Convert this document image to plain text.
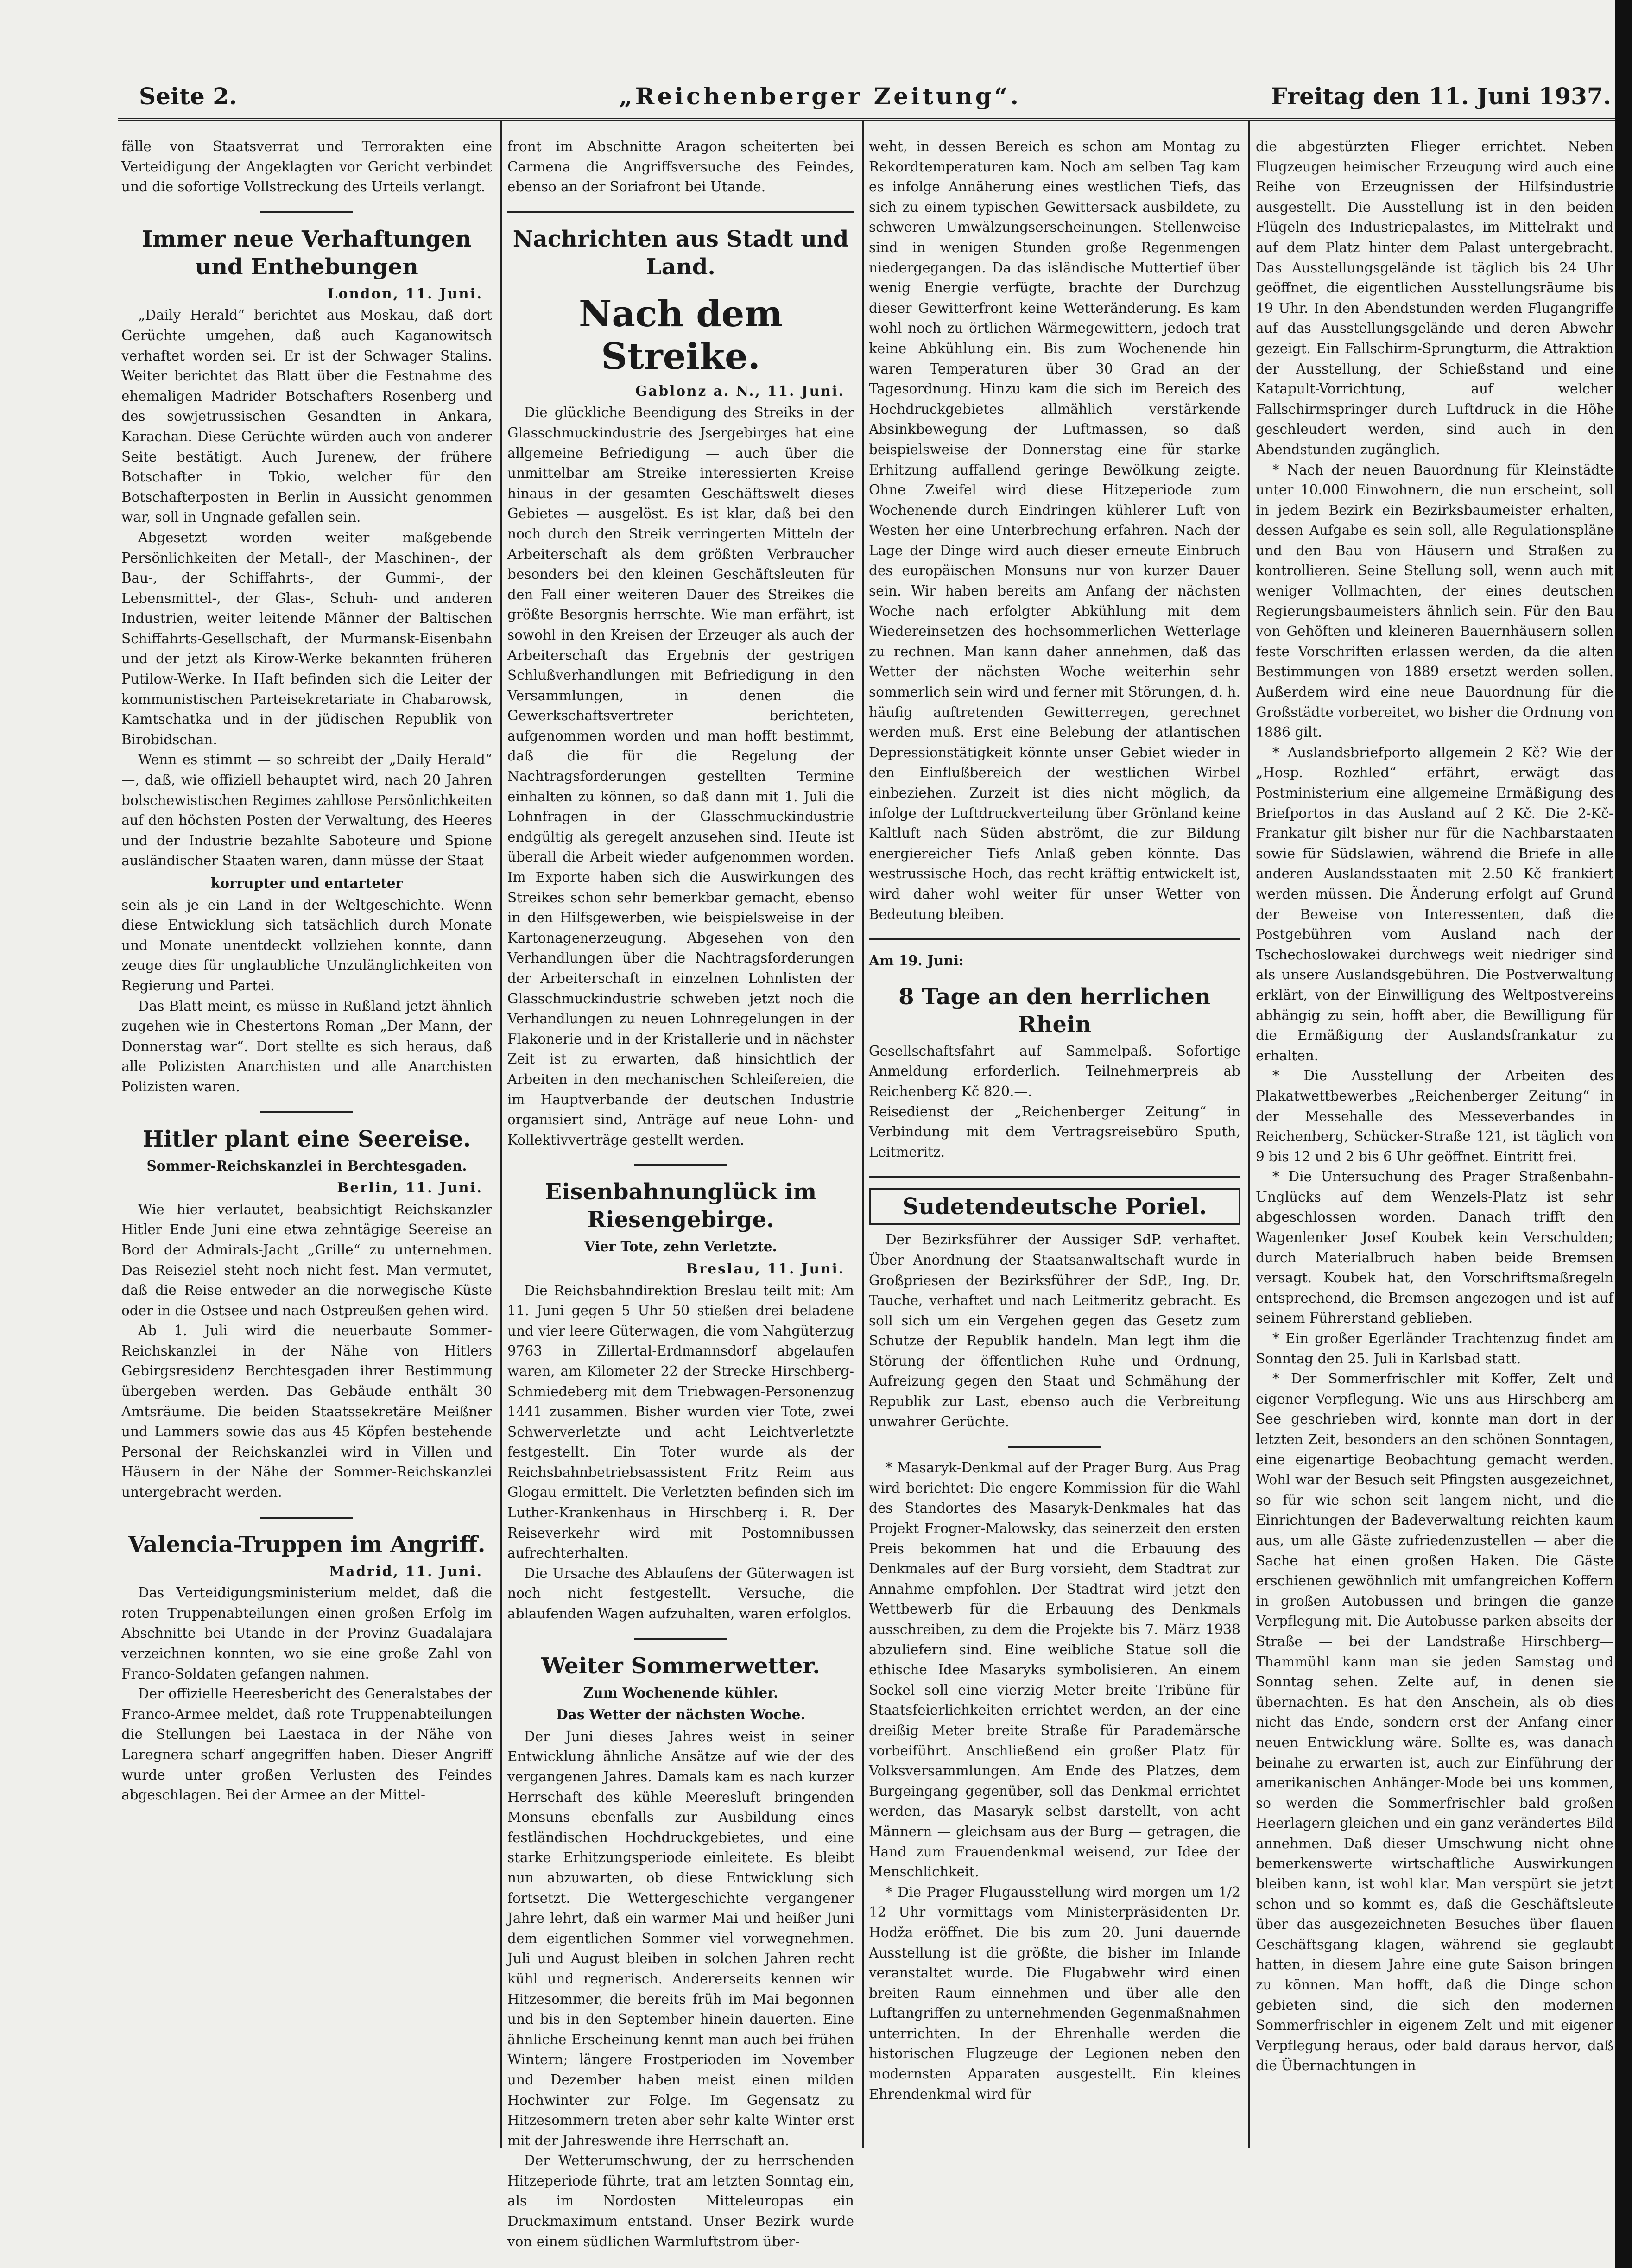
Seite 2.	„Reichenberger Zeitung“.	Freitag den 11. Juni 1937.

fälle von Staatsverrat und Terrorakten eine Verteidigung der Angeklagten vor Gericht verbindet und die sofortige Vollstreckung des Urteils verlangt.

Immer neue Verhaftungen und Enthebungen
London, 11. Juni.

„Daily Herald“ berichtet aus Moskau, daß dort Gerüchte umgehen, daß auch Kaganowitsch verhaftet worden sei. Er ist der Schwager Stalins. Weiter berichtet das Blatt über die Festnahme des ehemaligen Madrider Botschafters Rosenberg und des sowjetrussischen Gesandten in Ankara, Karachan. Diese Gerüchte würden auch von anderer Seite bestätigt. Auch Jurenew, der frühere Botschafter in Tokio, welcher für den Botschafterposten in Berlin in Aussicht genommen war, soll in Ungnade gefallen sein.

Abgesetzt worden weiter maßgebende Persönlichkeiten der Metall-, der Maschinen-, der Bau-, der Schiffahrts-, der Gummi-, der Lebensmittel-, der Glas-, Schuh- und anderen Industrien, weiter leitende Männer der Baltischen Schiffahrts-Gesellschaft, der Murmansk-Eisenbahn und der jetzt als Kirow-Werke bekannten früheren Putilow-Werke. In Haft befinden sich die Leiter der kommunistischen Parteisekretariate in Chabarowsk, Kamtschatka und in der jüdischen Republik von Birobidschan.

Wenn es stimmt — so schreibt der „Daily Herald“ —, daß, wie offiziell behauptet wird, nach 20 Jahren bolschewistischen Regimes zahllose Persönlichkeiten auf den höchsten Posten der Verwaltung, des Heeres und der Industrie bezahlte Saboteure und Spione ausländischer Staaten waren, dann müsse der Staat

korrupter und entarteter

sein als je ein Land in der Weltgeschichte. Wenn diese Entwicklung sich tatsächlich durch Monate und Monate unentdeckt vollziehen konnte, dann zeuge dies für unglaubliche Unzulänglichkeiten von Regierung und Partei.

Das Blatt meint, es müsse in Rußland jetzt ähnlich zugehen wie in Chestertons Roman „Der Mann, der Donnerstag war“. Dort stellte es sich heraus, daß alle Polizisten Anarchisten und alle Anarchisten Polizisten waren.

Hitler plant eine Seereise.
Sommer-Reichskanzlei in Berchtesgaden.
Berlin, 11. Juni.

Wie hier verlautet, beabsichtigt Reichskanzler Hitler Ende Juni eine etwa zehntägige Seereise an Bord der Admirals-Jacht „Grille“ zu unternehmen. Das Reiseziel steht noch nicht fest. Man vermutet, daß die Reise entweder an die norwegische Küste oder in die Ostsee und nach Ostpreußen gehen wird.

Ab 1. Juli wird die neuerbaute Sommer-Reichskanzlei in der Nähe von Hitlers Gebirgsresidenz Berchtesgaden ihrer Bestimmung übergeben werden. Das Gebäude enthält 30 Amtsräume. Die beiden Staatssekretäre Meißner und Lammers sowie das aus 45 Köpfen bestehende Personal der Reichskanzlei wird in Villen und Häusern in der Nähe der Sommer-Reichskanzlei untergebracht werden.

Valencia-Truppen im Angriff.
Madrid, 11. Juni.

Das Verteidigungsministerium meldet, daß die roten Truppenabteilungen einen großen Erfolg im Abschnitte bei Utande in der Provinz Guadalajara verzeichnen konnten, wo sie eine große Zahl von Franco-Soldaten gefangen nahmen.

Der offizielle Heeresbericht des Generalstabes der Franco-Armee meldet, daß rote Truppenabteilungen die Stellungen bei Laestaca in der Nähe von Laregnera scharf angegriffen haben. Dieser Angriff wurde unter großen Verlusten des Feindes abgeschlagen. Bei der Armee an der Mittel-

front im Abschnitte Aragon scheiterten bei Carmena die Angriffsversuche des Feindes, ebenso an der Soriafront bei Utande.

Nachrichten aus Stadt und Land.
Nach dem Streike.
Gablonz a. N., 11. Juni.

Die glückliche Beendigung des Streiks in der Glasschmuckindustrie des Jsergebirges hat eine allgemeine Befriedigung — auch über die unmittelbar am Streike interessierten Kreise hinaus in der gesamten Geschäftswelt dieses Gebietes — ausgelöst. Es ist klar, daß bei den noch durch den Streik verringerten Mitteln der Arbeiterschaft als dem größten Verbraucher besonders bei den kleinen Geschäftsleuten für den Fall einer weiteren Dauer des Streikes die größte Besorgnis herrschte. Wie man erfährt, ist sowohl in den Kreisen der Erzeuger als auch der Arbeiterschaft das Ergebnis der gestrigen Schlußverhandlungen mit Befriedigung in den Versammlungen, in denen die Gewerkschaftsvertreter berichteten, aufgenommen worden und man hofft bestimmt, daß die für die Regelung der Nachtragsforderungen gestellten Termine einhalten zu können, so daß dann mit 1. Juli die Lohnfragen in der Glasschmuckindustrie endgültig als geregelt anzusehen sind. Heute ist überall die Arbeit wieder aufgenommen worden. Im Exporte haben sich die Auswirkungen des Streikes schon sehr bemerkbar gemacht, ebenso in den Hilfsgewerben, wie beispielsweise in der Kartonagenerzeugung. Abgesehen von den Verhandlungen über die Nachtragsforderungen der Arbeiterschaft in einzelnen Lohnlisten der Glasschmuckindustrie schweben jetzt noch die Verhandlungen zu neuen Lohnregelungen in der Flakonerie und in der Kristallerie und in nächster Zeit ist zu erwarten, daß hinsichtlich der Arbeiten in den mechanischen Schleifereien, die im Hauptverbande der deutschen Industrie organisiert sind, Anträge auf neue Lohn- und Kollektivverträge gestellt werden.

Eisenbahnunglück im Riesengebirge.
Vier Tote, zehn Verletzte.
Breslau, 11. Juni.

Die Reichsbahndirektion Breslau teilt mit: Am 11. Juni gegen 5 Uhr 50 stießen drei beladene und vier leere Güterwagen, die vom Nahgüterzug 9763 in Zillertal-Erdmannsdorf abgelaufen waren, am Kilometer 22 der Strecke Hirschberg-Schmiedeberg mit dem Triebwagen-Personenzug 1441 zusammen. Bisher wurden vier Tote, zwei Schwerverletzte und acht Leichtverletzte festgestellt. Ein Toter wurde als der Reichsbahnbetriebsassistent Fritz Reim aus Glogau ermittelt. Die Verletzten befinden sich im Luther-Krankenhaus in Hirschberg i. R. Der Reiseverkehr wird mit Postomnibussen aufrechterhalten.

Die Ursache des Ablaufens der Güterwagen ist noch nicht festgestellt. Versuche, die ablaufenden Wagen aufzuhalten, waren erfolglos.

Weiter Sommerwetter.
Zum Wochenende kühler.
Das Wetter der nächsten Woche.

Der Juni dieses Jahres weist in seiner Entwicklung ähnliche Ansätze auf wie der des vergangenen Jahres. Damals kam es nach kurzer Herrschaft des kühle Meeresluft bringenden Monsuns ebenfalls zur Ausbildung eines festländischen Hochdruckgebietes, und eine starke Erhitzungsperiode einleitete. Es bleibt nun abzuwarten, ob diese Entwicklung sich fortsetzt. Die Wettergeschichte vergangener Jahre lehrt, daß ein warmer Mai und heißer Juni dem eigentlichen Sommer viel vorwegnehmen. Juli und August bleiben in solchen Jahren recht kühl und regnerisch. Andererseits kennen wir Hitzesommer, die bereits früh im Mai begonnen und bis in den September hinein dauerten. Eine ähnliche Erscheinung kennt man auch bei frühen Wintern; längere Frostperioden im November und Dezember haben meist einen milden Hochwinter zur Folge. Im Gegensatz zu Hitzesommern treten aber sehr kalte Winter erst mit der Jahreswende ihre Herrschaft an.

Der Wetterumschwung, der zu herrschenden Hitzeperiode führte, trat am letzten Sonntag ein, als im Nordosten Mitteleuropas ein Druckmaximum entstand. Unser Bezirk wurde von einem südlichen Warmluftstrom über-

weht, in dessen Bereich es schon am Montag zu Rekordtemperaturen kam. Noch am selben Tag kam es infolge Annäherung eines westlichen Tiefs, das sich zu einem typischen Gewittersack ausbildete, zu schweren Umwälzungserscheinungen. Stellenweise sind in wenigen Stunden große Regenmengen niedergegangen. Da das isländische Muttertief über wenig Energie verfügte, brachte der Durchzug dieser Gewitterfront keine Wetteränderung. Es kam wohl noch zu örtlichen Wärmegewittern, jedoch trat keine Abkühlung ein. Bis zum Wochenende hin waren Temperaturen über 30 Grad an der Tagesordnung. Hinzu kam die sich im Bereich des Hochdruckgebietes allmählich verstärkende Absinkbewegung der Luftmassen, so daß beispielsweise der Donnerstag eine für starke Erhitzung auffallend geringe Bewölkung zeigte. Ohne Zweifel wird diese Hitzeperiode zum Wochenende durch Eindringen kühlerer Luft von Westen her eine Unterbrechung erfahren. Nach der Lage der Dinge wird auch dieser erneute Einbruch des europäischen Monsuns nur von kurzer Dauer sein. Wir haben bereits am Anfang der nächsten Woche nach erfolgter Abkühlung mit dem Wiedereinsetzen des hochsommerlichen Wetterlage zu rechnen. Man kann daher annehmen, daß das Wetter der nächsten Woche weiterhin sehr sommerlich sein wird und ferner mit Störungen, d. h. häufig auftretenden Gewitterregen, gerechnet werden muß. Erst eine Belebung der atlantischen Depressionstätigkeit könnte unser Gebiet wieder in den Einflußbereich der westlichen Wirbel einbeziehen. Zurzeit ist dies nicht möglich, da infolge der Luftdruckverteilung über Grönland keine Kaltluft nach Süden abströmt, die zur Bildung energiereicher Tiefs Anlaß geben könnte. Das westrussische Hoch, das recht kräftig entwickelt ist, wird daher wohl weiter für unser Wetter von Bedeutung bleiben.

Am 19. Juni:
8 Tage an den herrlichen Rhein

Gesellschaftsfahrt auf Sammelpaß. Sofortige Anmeldung erforderlich. Teilnehmerpreis ab Reichenberg Kč 820.—.

Reisedienst der „Reichenberger Zeitung“ in Verbindung mit dem Vertragsreisebüro Sputh, Leitmeritz.

Sudetendeutsche Poriel.

Der Bezirksführer der Aussiger SdP. verhaftet. Über Anordnung der Staatsanwaltschaft wurde in Großpriesen der Bezirksführer der SdP., Ing. Dr. Tauche, verhaftet und nach Leitmeritz gebracht. Es soll sich um ein Vergehen gegen das Gesetz zum Schutze der Republik handeln. Man legt ihm die Störung der öffentlichen Ruhe und Ordnung, Aufreizung gegen den Staat und Schmähung der Republik zur Last, ebenso auch die Verbreitung unwahrer Gerüchte.

* Masaryk-Denkmal auf der Prager Burg. Aus Prag wird berichtet: Die engere Kommission für die Wahl des Standortes des Masaryk-Denkmales hat das Projekt Frogner-Malowsky, das seinerzeit den ersten Preis bekommen hat und die Erbauung des Denkmales auf der Burg vorsieht, dem Stadtrat zur Annahme empfohlen. Der Stadtrat wird jetzt den Wettbewerb für die Erbauung des Denkmals ausschreiben, zu dem die Projekte bis 7. März 1938 abzuliefern sind. Eine weibliche Statue soll die ethische Idee Masaryks symbolisieren. An einem Sockel soll eine vierzig Meter breite Tribüne für Staatsfeierlichkeiten errichtet werden, an der eine dreißig Meter breite Straße für Parademärsche vorbeiführt. Anschließend ein großer Platz für Volksversammlungen. Am Ende des Platzes, dem Burgeingang gegenüber, soll das Denkmal errichtet werden, das Masaryk selbst darstellt, von acht Männern — gleichsam aus der Burg — getragen, die Hand zum Frauendenkmal weisend, zur Idee der Menschlichkeit.

* Die Prager Flugausstellung wird morgen um 1/2 12 Uhr vormittags vom Ministerpräsidenten Dr. Hodža eröffnet. Die bis zum 20. Juni dauernde Ausstellung ist die größte, die bisher im Inlande veranstaltet wurde. Die Flugabwehr wird einen breiten Raum einnehmen und über alle den Luftangriffen zu unternehmenden Gegenmaßnahmen unterrichten. In der Ehrenhalle werden die historischen Flugzeuge der Legionen neben den modernsten Apparaten ausgestellt. Ein kleines Ehrendenkmal wird für

die abgestürzten Flieger errichtet. Neben Flugzeugen heimischer Erzeugung wird auch eine Reihe von Erzeugnissen der Hilfsindustrie ausgestellt. Die Ausstellung ist in den beiden Flügeln des Industriepalastes, im Mittelrakt und auf dem Platz hinter dem Palast untergebracht. Das Ausstellungsgelände ist täglich bis 24 Uhr geöffnet, die eigentlichen Ausstellungsräume bis 19 Uhr. In den Abendstunden werden Flugangriffe auf das Ausstellungsgelände und deren Abwehr gezeigt. Ein Fallschirm-Sprungturm, die Attraktion der Ausstellung, der Schießstand und eine Katapult-Vorrichtung, auf welcher Fallschirmspringer durch Luftdruck in die Höhe geschleudert werden, sind auch in den Abendstunden zugänglich.

* Nach der neuen Bauordnung für Kleinstädte unter 10.000 Einwohnern, die nun erscheint, soll in jedem Bezirk ein Bezirksbaumeister erhalten, dessen Aufgabe es sein soll, alle Regulationspläne und den Bau von Häusern und Straßen zu kontrollieren. Seine Stellung soll, wenn auch mit weniger Vollmachten, der eines deutschen Regierungsbaumeisters ähnlich sein. Für den Bau von Gehöften und kleineren Bauernhäusern sollen feste Vorschriften erlassen werden, da die alten Bestimmungen von 1889 ersetzt werden sollen. Außerdem wird eine neue Bauordnung für die Großstädte vorbereitet, wo bisher die Ordnung von 1886 gilt.

* Auslandsbriefporto allgemein 2 Kč? Wie der „Hosp. Rozhled“ erfährt, erwägt das Postministerium eine allgemeine Ermäßigung des Briefportos in das Ausland auf 2 Kč. Die 2-Kč-Frankatur gilt bisher nur für die Nachbarstaaten sowie für Südslawien, während die Briefe in alle anderen Auslandsstaaten mit 2.50 Kč frankiert werden müssen. Die Änderung erfolgt auf Grund der Beweise von Interessenten, daß die Postgebühren vom Ausland nach der Tschechoslowakei durchwegs weit niedriger sind als unsere Auslandsgebühren. Die Postverwaltung erklärt, von der Einwilligung des Weltpostvereins abhängig zu sein, hofft aber, die Bewilligung für die Ermäßigung der Auslandsfrankatur zu erhalten.

* Die Ausstellung der Arbeiten des Plakatwettbewerbes „Reichenberger Zeitung“ in der Messehalle des Messeverbandes in Reichenberg, Schücker-Straße 121, ist täglich von 9 bis 12 und 2 bis 6 Uhr geöffnet. Eintritt frei.

* Die Untersuchung des Prager Straßenbahn-Unglücks auf dem Wenzels-Platz ist sehr abgeschlossen worden. Danach trifft den Wagenlenker Josef Koubek kein Verschulden; durch Materialbruch haben beide Bremsen versagt. Koubek hat, den Vorschriftsmaßregeln entsprechend, die Bremsen angezogen und ist auf seinem Führerstand geblieben.

* Ein großer Egerländer Trachtenzug findet am Sonntag den 25. Juli in Karlsbad statt.

* Der Sommerfrischler mit Koffer, Zelt und eigener Verpflegung. Wie uns aus Hirschberg am See geschrieben wird, konnte man dort in der letzten Zeit, besonders an den schönen Sonntagen, eine eigenartige Beobachtung gemacht werden. Wohl war der Besuch seit Pfingsten ausgezeichnet, so für wie schon seit langem nicht, und die Einrichtungen der Badeverwaltung reichten kaum aus, um alle Gäste zufriedenzustellen — aber die Sache hat einen großen Haken. Die Gäste erschienen gewöhnlich mit umfangreichen Koffern in großen Autobussen und bringen die ganze Verpflegung mit. Die Autobusse parken abseits der Straße — bei der Landstraße Hirschberg—Thammühl kann man sie jeden Samstag und Sonntag sehen. Zelte auf, in denen sie übernachten. Es hat den Anschein, als ob dies nicht das Ende, sondern erst der Anfang einer neuen Entwicklung wäre. Sollte es, was danach beinahe zu erwarten ist, auch zur Einführung der amerikanischen Anhänger-Mode bei uns kommen, so werden die Sommerfrischler bald großen Heerlagern gleichen und ein ganz verändertes Bild annehmen. Daß dieser Umschwung nicht ohne bemerkenswerte wirtschaftliche Auswirkungen bleiben kann, ist wohl klar. Man verspürt sie jetzt schon und so kommt es, daß die Geschäftsleute über das ausgezeichneten Besuches über flauen Geschäftsgang klagen, während sie geglaubt hatten, in diesem Jahre eine gute Saison bringen zu können. Man hofft, daß die Dinge schon gebieten sind, die sich den modernen Sommerfrischler in eigenem Zelt und mit eigener Verpflegung heraus, oder bald daraus hervor, daß die Übernachtungen in
